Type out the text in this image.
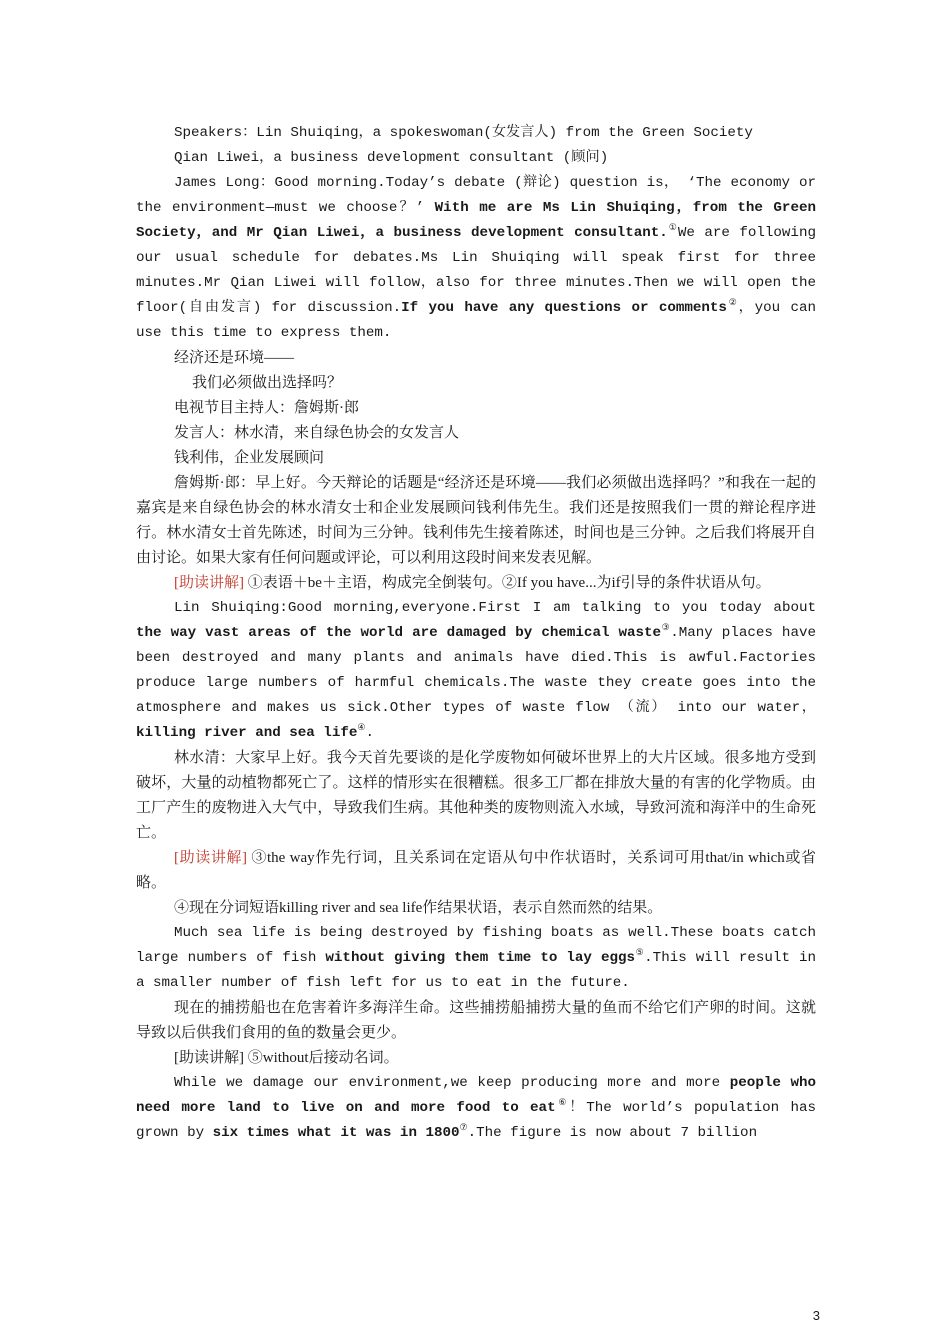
Speakers：Lin Shuiqing，a spokeswoman(女发言人) from the Green Society

Qian Liwei，a business development consultant (顾问)

James Long：Good morning.Today’s debate (辩论) question is， ‘The economy or the environment—must we choose？’ With me are Ms Lin Shuiqing，from the Green Society，and Mr Qian Liwei，a business development consultant.①We are following our usual schedule for debates.Ms Lin Shuiqing will speak first for three minutes.Mr Qian Liwei will follow，also for three minutes.Then we will open the floor(自由发言) for discussion.If you have any questions or comments②，you can use this time to express them.

经济还是环境——

我们必须做出选择吗？

电视节目主持人：詹姆斯·郎

发言人：林水清，来自绿色协会的女发言人

钱利伟，企业发展顾问

詹姆斯·郎：早上好。今天辩论的话题是“经济还是环境——我们必须做出选择吗？”和我在一起的嘉宾是来自绿色协会的林水清女士和企业发展顾问钱利伟先生。我们还是按照我们一贯的辩论程序进行。林水清女士首先陈述，时间为三分钟。钱利伟先生接着陈述，时间也是三分钟。之后我们将展开自由讨论。如果大家有任何问题或评论，可以利用这段时间来发表见解。

[助读讲解] ①表语＋be＋主语，构成完全倒装句。②If you have...为if引导的条件状语从句。

Lin Shuiqing:Good morning,everyone.First I am talking to you today about the way vast areas of the world are damaged by chemical waste③.Many places have been destroyed and many plants and animals have died.This is awful.Factories produce large numbers of harmful chemicals.The waste they create goes into the atmosphere and makes us sick.Other types of waste flow （流） into our water，killing river and sea life④.

林水清：大家早上好。我今天首先要谈的是化学废物如何破坏世界上的大片区域。很多地方受到破坏，大量的动植物都死亡了。这样的情形实在很糟糕。很多工厂都在排放大量的有害的化学物质。由工厂产生的废物进入大气中，导致我们生病。其他种类的废物则流入水域，导致河流和海洋中的生命死亡。

[助读讲解] ③the way作先行词，且关系词在定语从句中作状语时，关系词可用that/in which或省略。

④现在分词短语killing river and sea life作结果状语，表示自然而然的结果。

Much sea life is being destroyed by fishing boats as well.These boats catch large numbers of fish without giving them time to lay eggs⑤.This will result in a smaller number of fish left for us to eat in the future.

现在的捕捞船也在危害着许多海洋生命。这些捕捞船捕捞大量的鱼而不给它们产卵的时间。这就导致以后供我们食用的鱼的数量会更少。

[助读讲解] ⑤without后接动名词。

While we damage our environment,we keep producing more and more people who need more land to live on and more food to eat⑥！The world’s population has grown by six times what it was in 1800⑦.The figure is now about 7 billion

3
